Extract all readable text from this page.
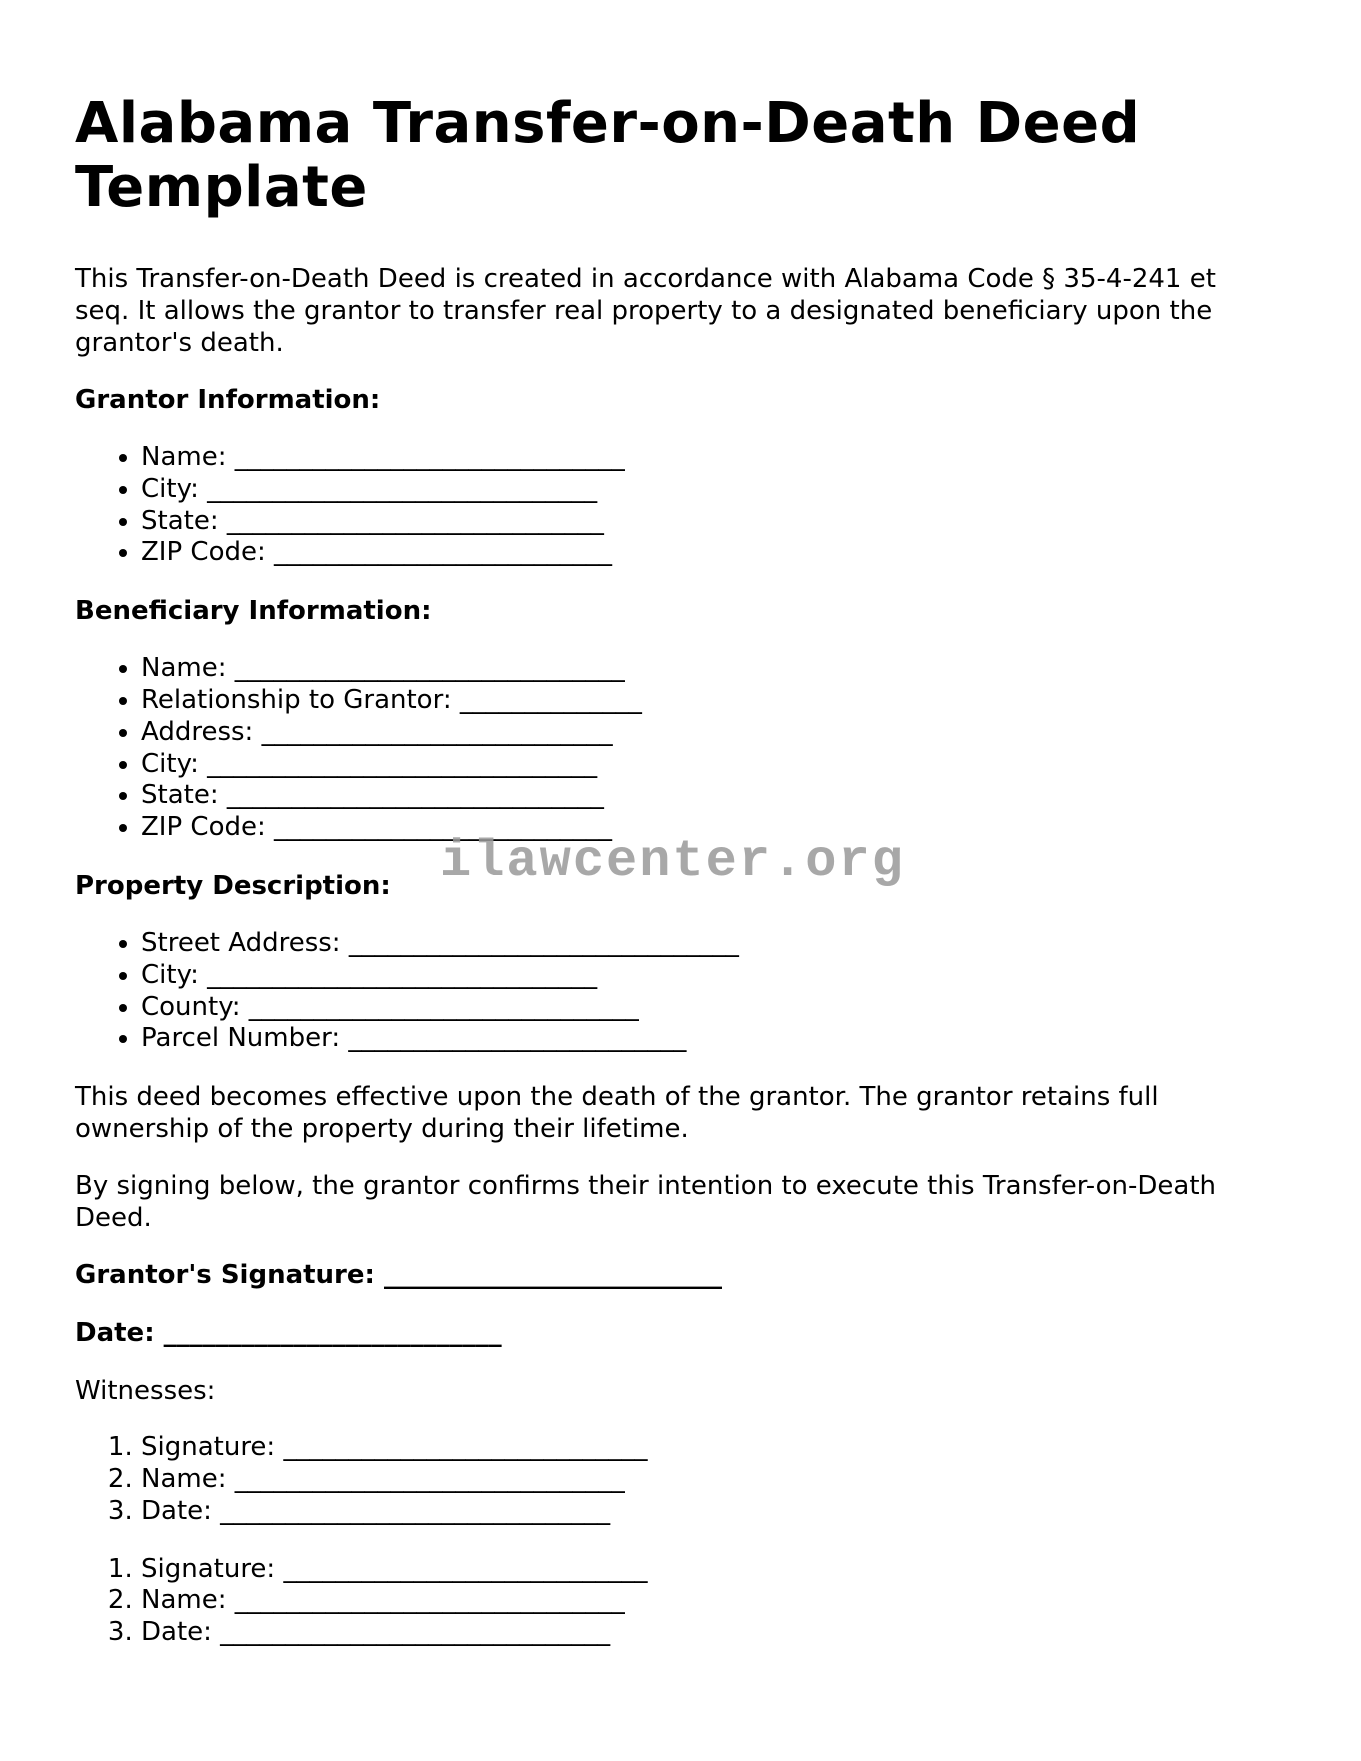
Alabama Transfer-on-Death Deed Template

This Transfer-on-Death Deed is created in accordance with Alabama Code § 35-4-241 et seq. It allows the grantor to transfer real property to a designated beneficiary upon the grantor's death.

Grantor Information:
• Name: ______________________________
• City: ______________________________
• State: _____________________________
• ZIP Code: __________________________
Beneficiary Information:
• Name: ______________________________
• Relationship to Grantor: ______________
• Address: ___________________________
• City: ______________________________
• State: _____________________________
• ZIP Code: __________________________
Property Description: ilawcenter.org
• Street Address: ______________________________
• City: ______________________________
• County: ______________________________
• Parcel Number: __________________________

This deed becomes effective upon the death of the grantor. The grantor retains full ownership of the property during their lifetime.

By signing below, the grantor confirms their intention to execute this Transfer-on-Death Deed.

Grantor's Signature: __________________________
Date: __________________________

Witnesses:

1. Signature: ____________________________
2. Name: ______________________________
3. Date: ______________________________
1. Signature: ____________________________
2. Name: ______________________________
3. Date: ______________________________
